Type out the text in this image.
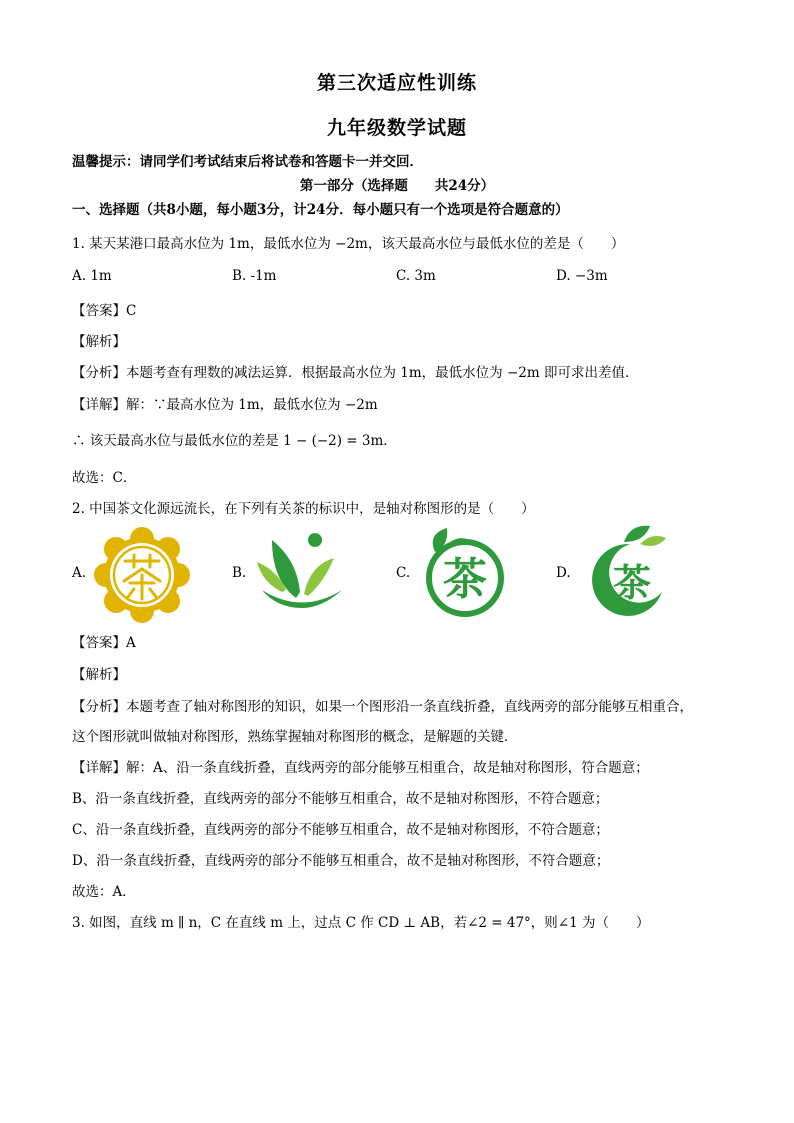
第三次适应性训练
九年级数学试题
温馨提示：请同学们考试结束后将试卷和答题卡一并交回．
第一部分（选择题　　共24分）
一、选择题（共8小题，每小题3分，计24分．每小题只有一个选项是符合题意的）
1. 某天某港口最高水位为 1m，最低水位为 −2m，该天最高水位与最低水位的差是（　　）
A. 1m	B. -1m	C. 3m	D. −3m
【答案】C
【解析】
【分析】本题考查有理数的减法运算．根据最高水位为 1m，最低水位为 −2m 即可求出差值．
【详解】解：∵最高水位为 1m，最低水位为 −2m
∴ 该天最高水位与最低水位的差是 1 − (−2) = 3m．
故选：C．
2. 中国茶文化源远流长，在下列有关茶的标识中，是轴对称图形的是（　　）
A.	B.	C. 茶	D. 茶
【答案】A
【解析】
【分析】本题考查了轴对称图形的知识，如果一个图形沿一条直线折叠，直线两旁的部分能够互相重合，
这个图形就叫做轴对称图形，熟练掌握轴对称图形的概念，是解题的关键．
【详解】解：A、沿一条直线折叠，直线两旁的部分能够互相重合，故是轴对称图形，符合题意；
B、沿一条直线折叠，直线两旁的部分不能够互相重合，故不是轴对称图形，不符合题意；
C、沿一条直线折叠，直线两旁的部分不能够互相重合，故不是轴对称图形，不符合题意；
D、沿一条直线折叠，直线两旁的部分不能够互相重合，故不是轴对称图形，不符合题意；
故选：A．
3. 如图，直线 m ∥ n，C 在直线 m 上，过点 C 作 CD ⊥ AB，若∠2 = 47°，则∠1 为（　　）
